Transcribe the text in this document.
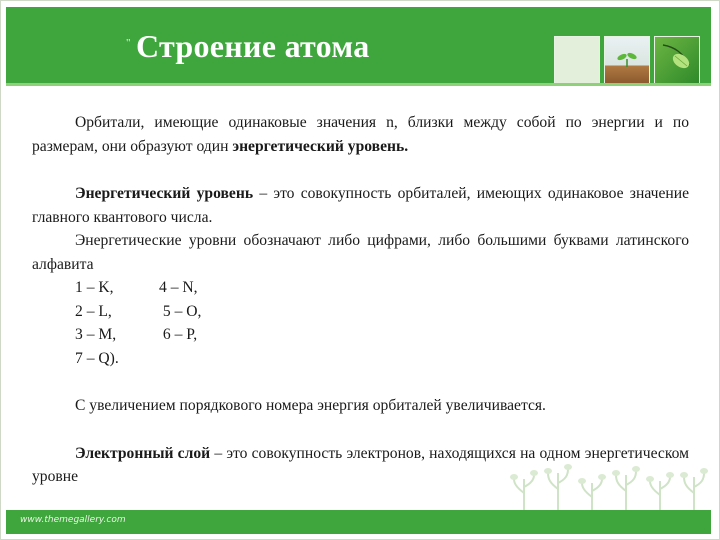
" Строение атома

Орбитали, имеющие одинаковые значения n, близки между собой по энергии и по размерам, они образуют один энергетический уровень.

Энергетический уровень – это совокупность орбиталей, имеющих одинаковое значение главного квантового числа.

Энергетические уровни обозначают либо цифрами, либо большими буквами латинского алфавита

1 – K,	4 – N,
2 – L,	5 – O,
3 – M,	6 – P,
7 – Q).

С увеличением порядкового номера энергия орбиталей увеличивается.

Электронный слой – это совокупность электронов, находящихся на одном энергетическом уровне

www.themegallery.com
